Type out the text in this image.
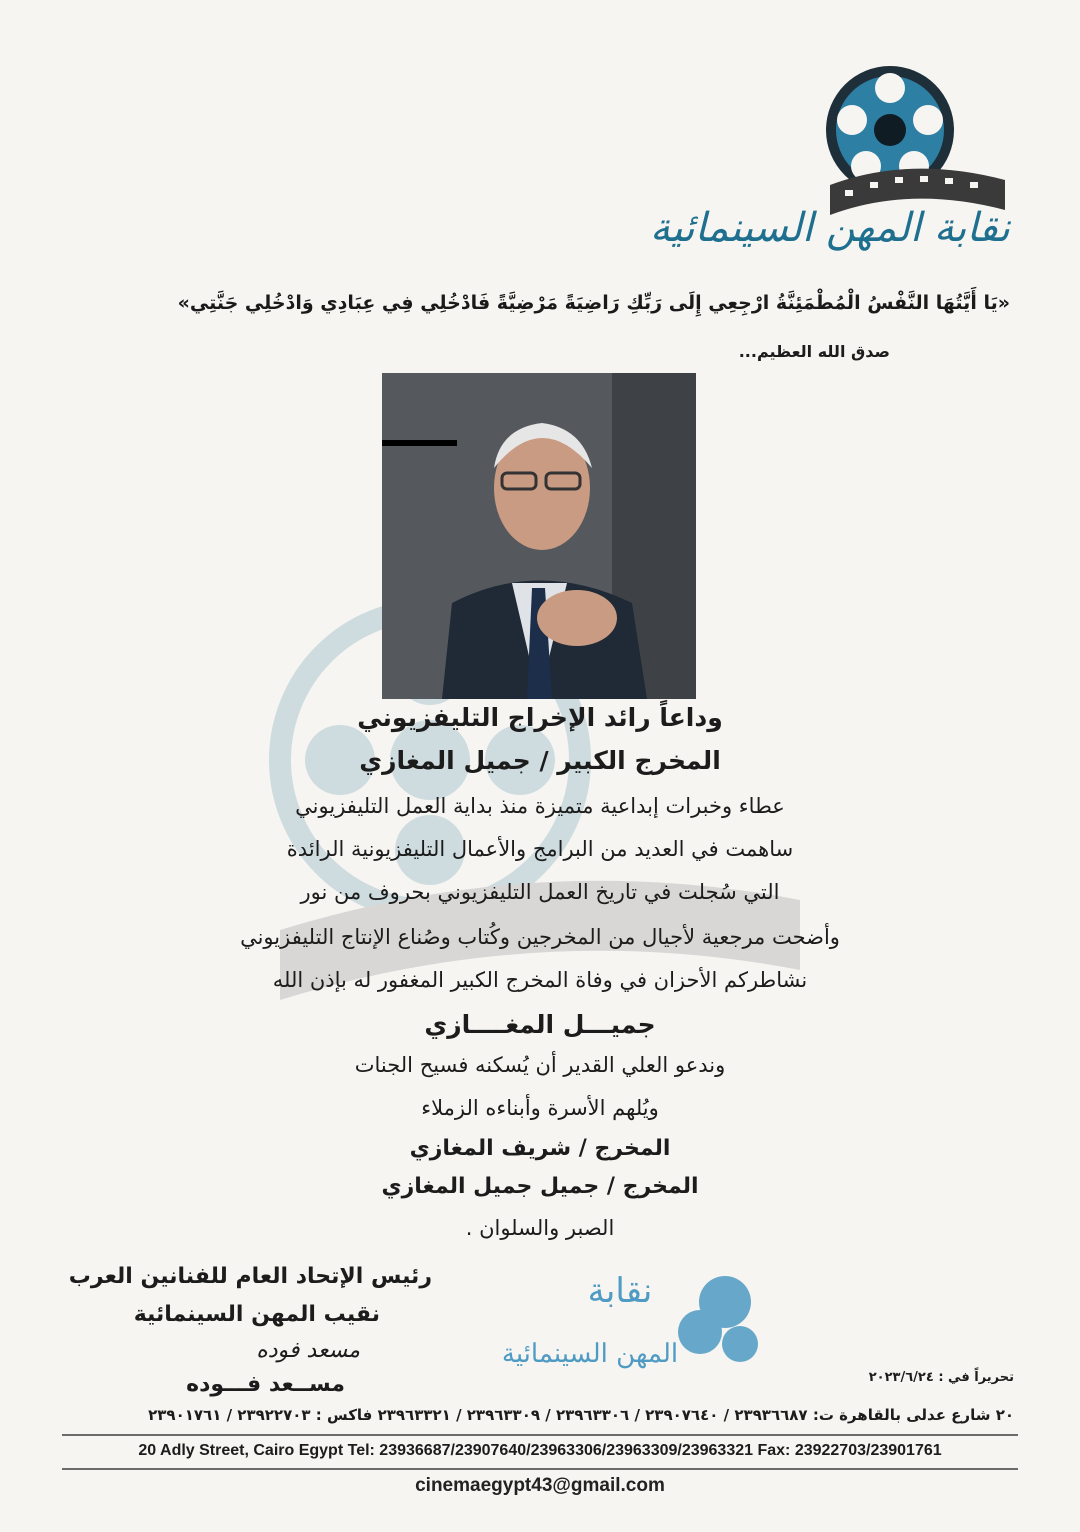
نقابة المهن السينمائية
«يَا أَيَّتُهَا النَّفْسُ الْمُطْمَئِنَّةُ ارْجِعِي إِلَى رَبِّكِ رَاضِيَةً مَرْضِيَّةً فَادْخُلِي فِي عِبَادِي وَادْخُلِي جَنَّتِي»
صدق الله العظيم...
وداعاً رائد الإخراج التليفزيوني
المخرج الكبير / جميل المغازي
عطاء وخبرات إبداعية متميزة منذ بداية العمل التليفزيوني
ساهمت في العديد من البرامج والأعمال التليفزيونية الرائدة
التي سُجلت في تاريخ العمل التليفزيوني بحروف من نور
وأضحت مرجعية لأجيال من المخرجين وكُتاب وصُناع الإنتاج التليفزيوني
نشاطركم الأحزان في وفاة المخرج الكبير المغفور له بإذن الله
جميـــل المغــــازي
وندعو العلي القدير أن يُسكنه فسيح الجنات
ويُلهم الأسرة وأبناءه الزملاء
المخرج / شريف المغازي
المخرج / جميل جميل المغازي
الصبر والسلوان .
رئيس الإتحاد العام للفنانين العرب
نقيب المهن السينمائية
مسعد فوده
مســعد فـــوده
نقابة
المهن السينمائية
تحريراً في : ٢٠٢٣/٦/٢٤
٢٠ شارع عدلى بالقاهرة ت: ٢٣٩٣٦٦٨٧ / ٢٣٩٠٧٦٤٠ / ٢٣٩٦٣٣٠٦ / ٢٣٩٦٣٣٠٩ / ٢٣٩٦٣٣٢١ فاكس : ٢٣٩٢٢٧٠٣ / ٢٣٩٠١٧٦١
20 Adly Street, Cairo Egypt Tel: 23936687/23907640/23963306/23963309/23963321 Fax: 23922703/23901761
cinemaegypt43@gmail.com
